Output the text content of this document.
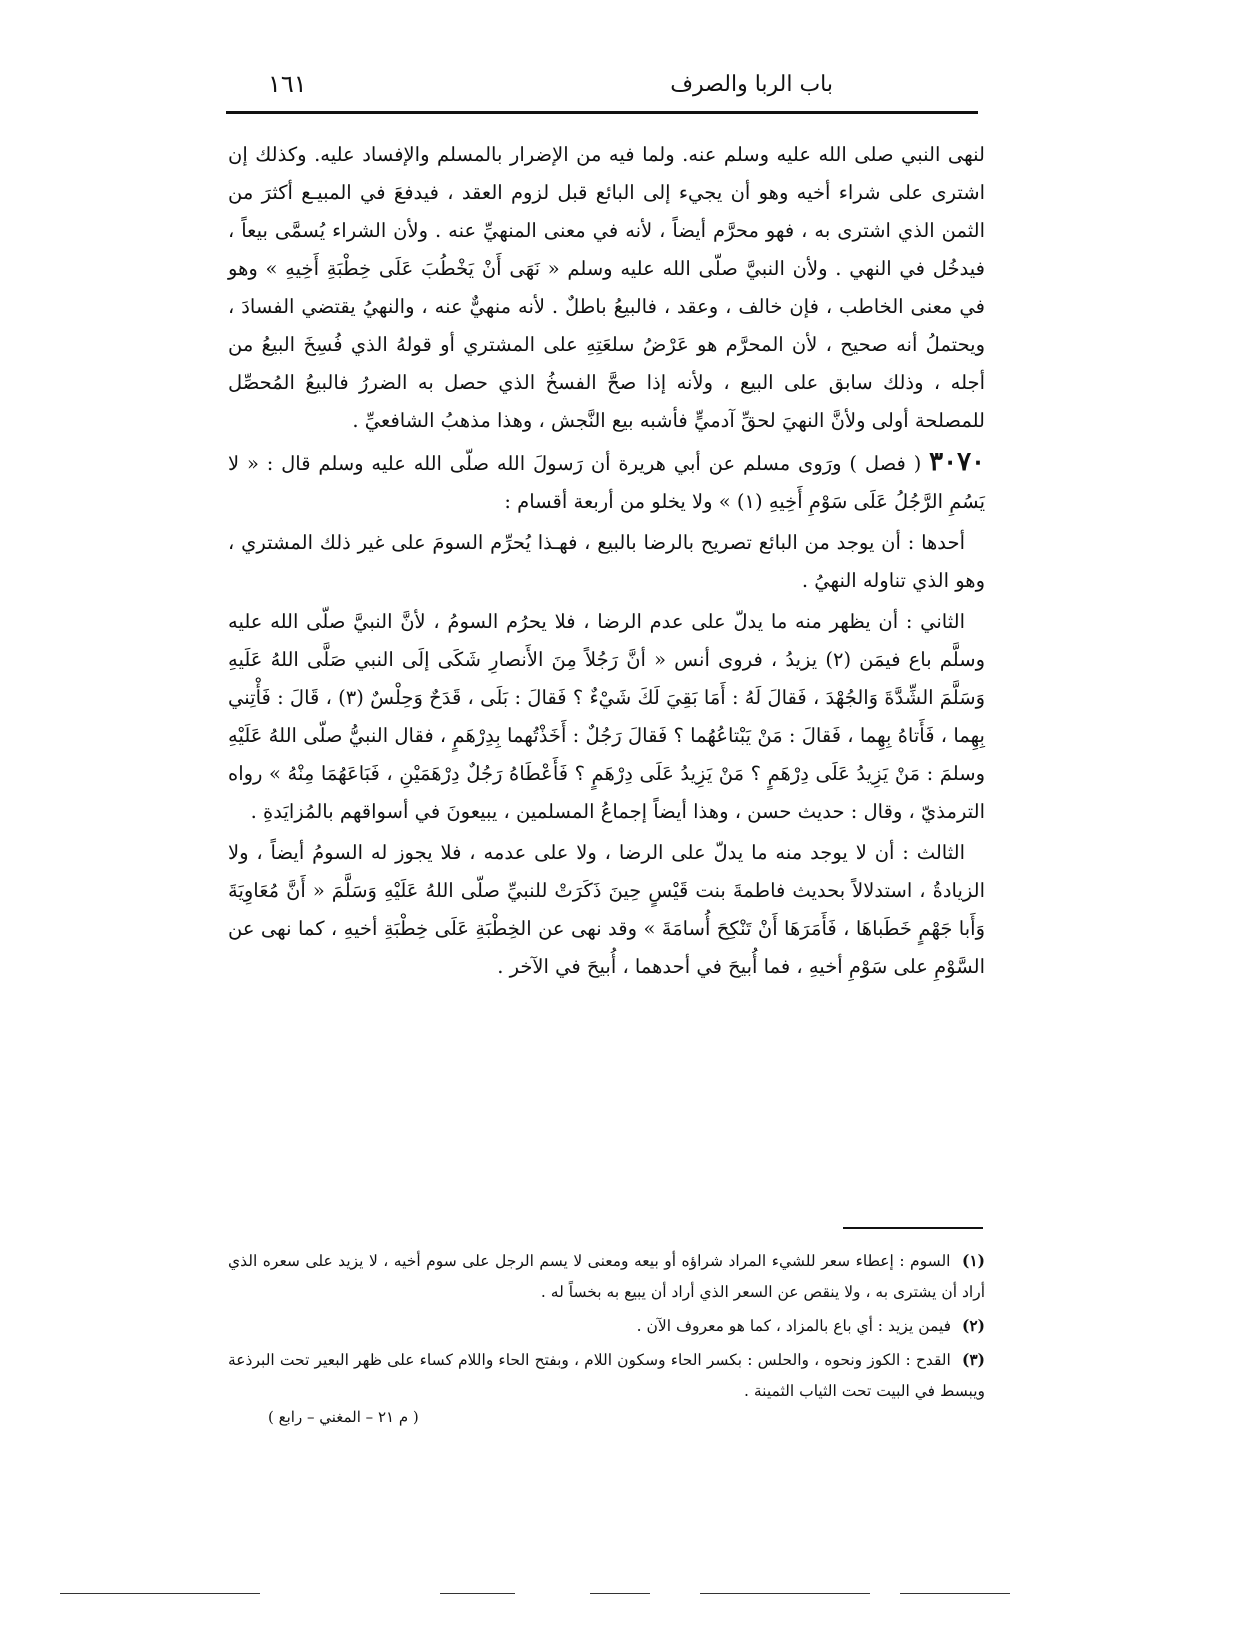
باب الربا والصرف
١٦١

لنهى النبي صلى الله عليه وسلم عنه. ولما فيه من الإضرار بالمسلم والإفساد عليه. وكذلك إن اشترى على شراء أخيه وهو أن يجيء إلى البائع قبل لزوم العقد ، فيدفعَ في المبيـع أكثرَ من الثمن الذي اشترى به ، فهو محرَّم أيضاً ، لأنه في معنى المنهيِّ عنه . ولأن الشراء يُسمَّى بيعاً ، فيدخُل في النهي . ولأن النبيَّ صلّى الله عليه وسلم « نَهَى أَنْ يَخْطُبَ عَلَى خِطْبَةِ أَخِيهِ » وهو في معنى الخاطب ، فإن خالف ، وعقد ، فالبيعُ باطلٌ . لأنه منهيٌّ عنه ، والنهيُ يقتضي الفسادَ ، ويحتملُ أنه صحيح ، لأن المحرَّم هو عَرْضُ سلعَتِهِ على المشتري أو قولهُ الذي فُسِخَ البيعُ من أجله ، وذلك سابق على البيع ، ولأنه إذا صحَّ الفسخُ الذي حصل به الضررُ فالبيعُ المُحصِّل للمصلحة أولى ولأنَّ النهيَ لحقِّ آدميٍّ فأشبه بيع النَّجش ، وهذا مذهبُ الشافعيِّ .

٣٠٧٠ ( فصل ) ورَوى مسلم عن أبي هريرة أن رَسولَ الله صلّى الله عليه وسلم قال : « لا يَسُمِ الرَّجُلُ عَلَى سَوْمِ أَخِيهِ (١) » ولا يخلو من أربعة أقسام :

أحدها : أن يوجد من البائع تصريح بالرضا بالبيع ، فهـذا يُحرِّم السومَ على غير ذلك المشتري ، وهو الذي تناوله النهيُ .

الثاني : أن يظهر منه ما يدلّ على عدم الرضا ، فلا يحرُم السومُ ، لأنَّ النبيَّ صلّى الله عليه وسلَّم باع فيمَن (٢) يزيدُ ، فروى أنس « أنَّ رَجُلاً مِنَ الأَنصارِ شَكَى إلَى النبي صَلَّى اللهُ عَلَيهِ وَسَلَّمَ الشِّدَّةَ وَالجُهْدَ ، فَقالَ لَهُ : أَمَا بَقِيَ لَكَ شَيْءٌ ؟ فَقالَ : بَلَى ، قَدَحٌ وَحِلْسٌ (٣) ، قَالَ : فَأْتِني بِهِما ، فَأَتاهُ بِهِما ، فَقالَ : مَنْ يَبْتاعُهُما ؟ فَقالَ رَجُلٌ : أَخَذْتُهما بِدِرْهَمٍ ، فقال النبيُّ صلّى اللهُ عَلَيْهِ وسلمَ : مَنْ يَزِيدُ عَلَى دِرْهَمٍ ؟ مَنْ يَزِيدُ عَلَى دِرْهَمٍ ؟ فَأَعْطَاهُ رَجُلٌ دِرْهَمَيْنِ ، فَبَاعَهُمَا مِنْهُ » رواه الترمذيّ ، وقال : حديث حسن ، وهذا أيضاً إجماعُ المسلمين ، يبيعونَ في أسواقهم بالمُزايَدةِ .

الثالث : أن لا يوجد منه ما يدلّ على الرضا ، ولا على عدمه ، فلا يجوز له السومُ أيضاً ، ولا الزيادةُ ، استدلالاً بحديث فاطمةَ بنت قَيْسٍ حِينَ ذَكَرَتْ للنبيِّ صلّى اللهُ عَلَيْهِ وَسَلَّمَ « أَنَّ مُعَاوِيَةَ وَأَبا جَهْمٍ خَطَباهَا ، فَأَمَرَهَا أَنْ تَنْكِحَ أُسامَةَ » وقد نهى عن الخِطْبَةِ عَلَى خِطْبَةِ أخيهِ ، كما نهى عن السَّوْمِ على سَوْمِ أخيهِ ، فما أُبيحَ في أحدهما ، أُبيحَ في الآخر .

(١) السوم : إعطاء سعر للشيء المراد شراؤه أو بيعه ومعنى لا يسم الرجل على سوم أخيه ، لا يزيد على سعره الذي أراد أن يشترى به ، ولا ينقص عن السعر الذي أراد أن يبيع به بخساً له .

(٢) فيمن يزيد : أي باع بالمزاد ، كما هو معروف الآن .

(٣) القدح : الكوز ونحوه ، والحلس : بكسر الحاء وسكون اللام ، وبفتح الحاء واللام كساء على ظهر البعير تحت البرذعة ويبسط في البيت تحت الثياب الثمينة .

( م ٢١ – المغني – رابع )
